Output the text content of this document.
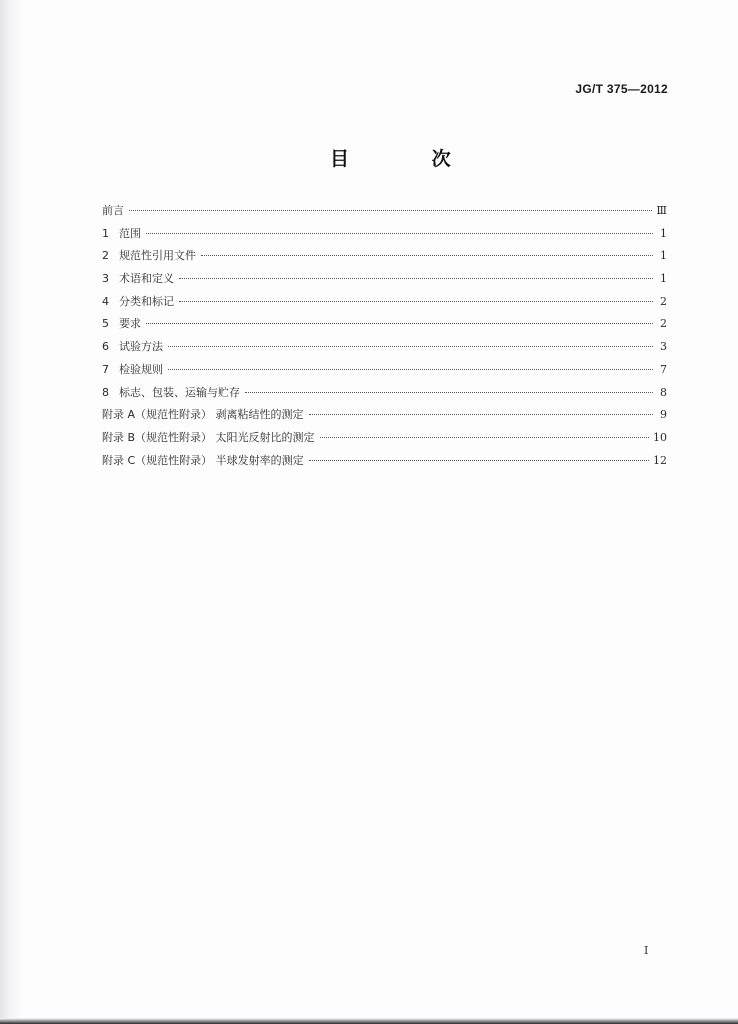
JG/T 375—2012
目 次
前言	Ⅲ
1 范围	1
2 规范性引用文件	1
3 术语和定义	1
4 分类和标记	2
5 要求	2
6 试验方法	3
7 检验规则	7
8 标志、包装、运输与贮存	8
附录 A（规范性附录） 剥离粘结性的测定	9
附录 B（规范性附录） 太阳光反射比的测定	10
附录 C（规范性附录） 半球发射率的测定	12
I
